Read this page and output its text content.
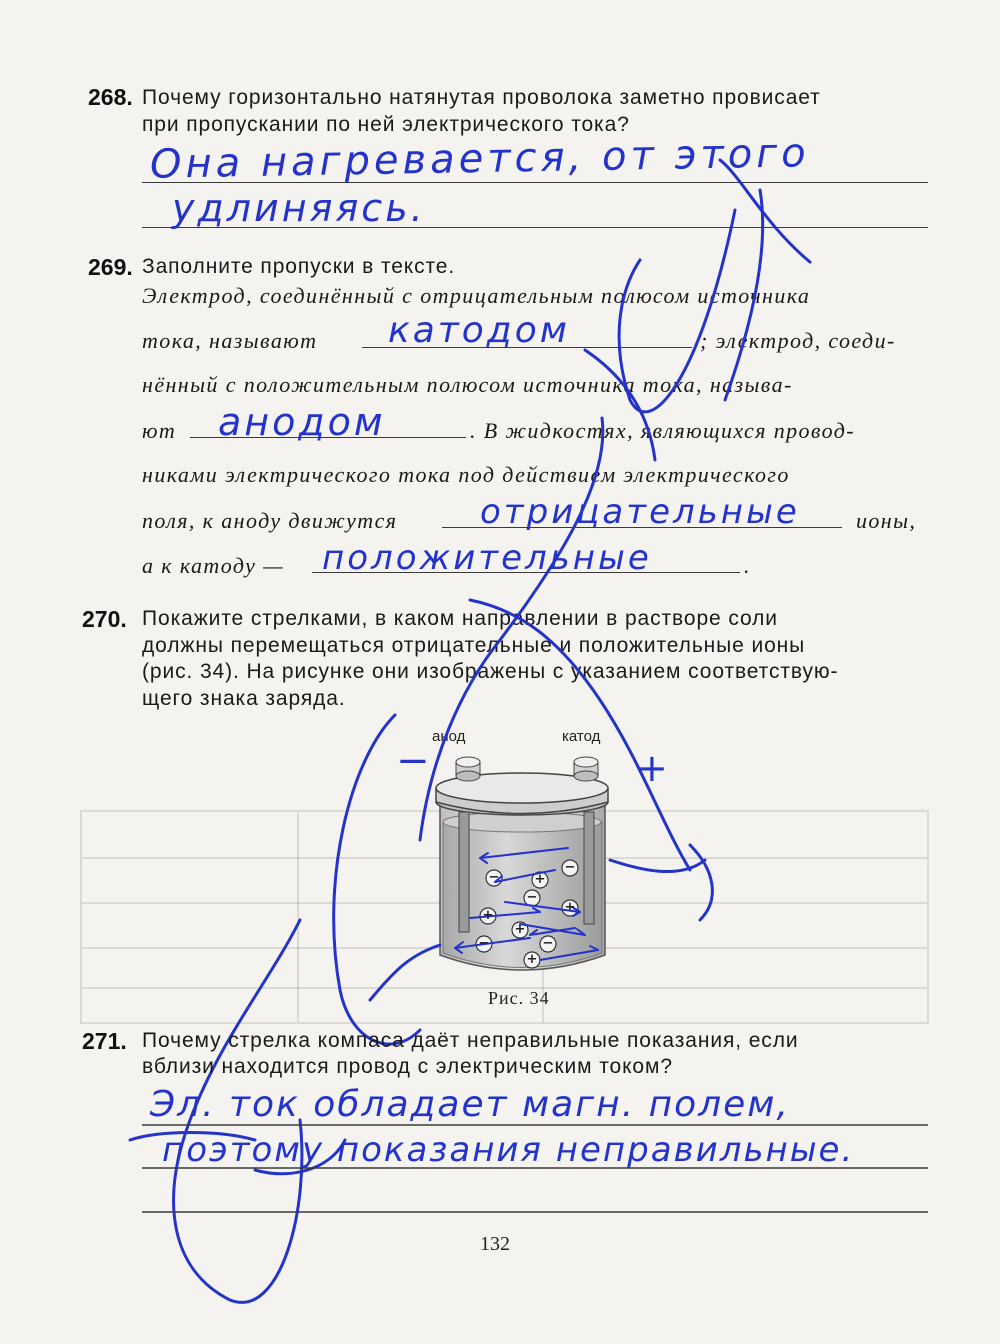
268. Почему горизонтально натянутая проволока заметно провисает
при пропускании по ней электрического тока?
Она нагревается, от этого
удлиняясь.
269. Заполните пропуски в тексте.
Электрод, соединённый с отрицательным полюсом источника
тока, называют	; электрод, соеди-
нённый с положительным полюсом источника тока, называ-
ют	. В жидкостях, являющихся провод-
никами электрического тока под действием электрического
поля, к аноду движутся	ионы,
а к катоду —	.
катодом
анодом
отрицательные
положительные
270. Покажите стрелками, в каком направлении в растворе соли
должны перемещаться отрицательные и положительные ионы
(рис. 34). На рисунке они изображены с указанием соответствую-
щего знака заряда.
анод	катод
−
−
−
+
+
+
−	−
+
+
−	+
Рис. 34
271. Почему стрелка компаса даёт неправильные показания, если
вблизи находится провод с электрическим током?
Эл. ток обладает магн. полем,
поэтому показания неправильные.
132
